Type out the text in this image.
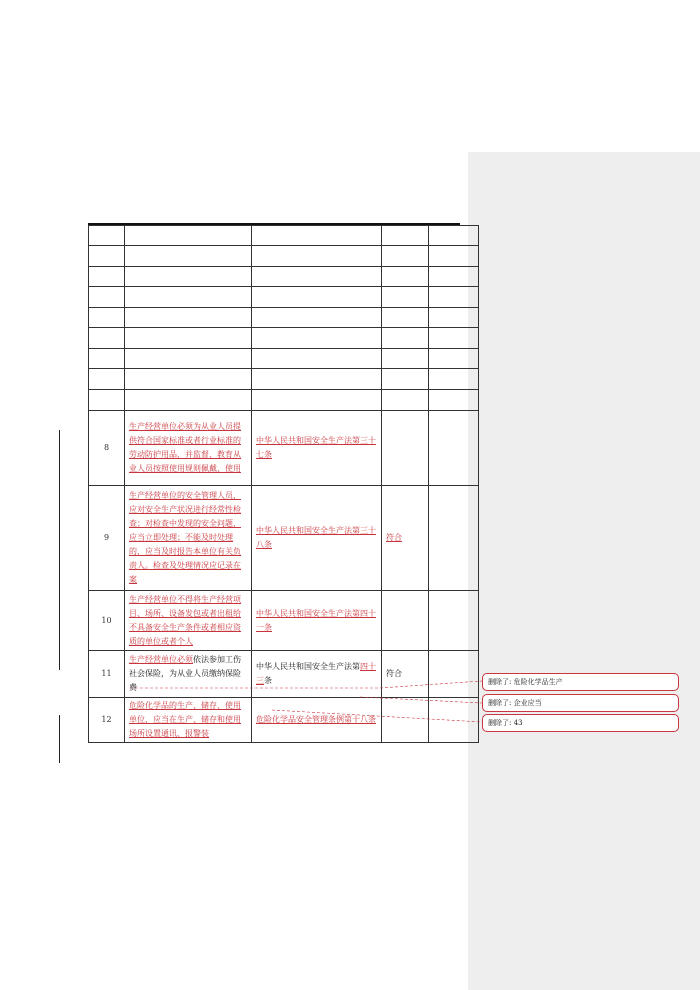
8	生产经营单位必须为从业人员提供符合国家标准或者行业标准的劳动防护用品，并监督、教育从业人员按照使用规则佩戴、使用	中华人民共和国安全生产法第三十七条		
9	生产经营单位的安全管理人员，应对安全生产状况进行经常性检查；对检查中发现的安全问题，应当立即处理；不能及时处理的，应当及时报告本单位有关负责人。检查及处理情况应记录在案	中华人民共和国安全生产法第三十八条	符合	
10	生产经营单位不得将生产经营项目、场所、设备发包或者出租给不具备安全生产条件或者相应资质的单位或者个人	中华人民共和国安全生产法第四十一条		
11	生产经营单位必须依法参加工伤社会保险，为从业人员缴纳保险费	中华人民共和国安全生产法第四十三条	符合	
12	危险化学品的生产、储存、使用单位，应当在生产、储存和使用场所设置通讯、报警装	危险化学品安全管理条例第十八条		
删除了: 危险化学品生产
删除了: 企业应当
删除了: 43
